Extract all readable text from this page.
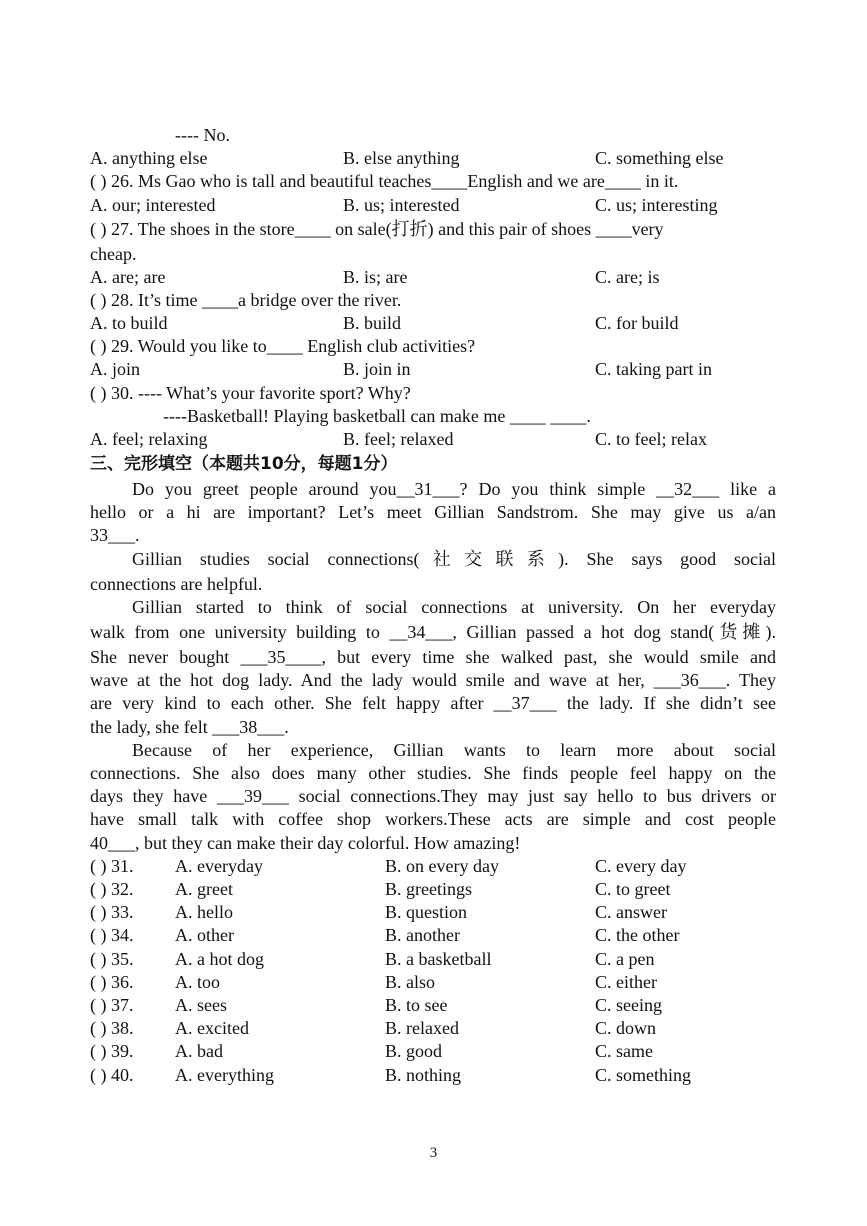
---- No.
A. anything else	B. else anything	C. something else
( ) 26. Ms Gao who is tall and beautiful teaches____English and we are____ in it.
A. our; interested	B. us; interested	C. us; interesting
( ) 27. The shoes in the store____ on sale(打折) and this pair of shoes ____very
cheap.
A. are; are	B. is; are	C. are; is
( ) 28. It’s time ____a bridge over the river.
A. to build	B. build	C. for build
( ) 29. Would you like to____ English club activities?
A. join	B. join in	C. taking part in
( ) 30. ---- What’s your favorite sport? Why?
----Basketball! Playing basketball can make me ____ ____.
A. feel; relaxing	B. feel; relaxed	C. to feel; relax
三、完形填空（本题共10分，每题1分）
Do you greet people around you__31___? Do you think simple __32___ like a
hello or a hi are important? Let’s meet Gillian Sandstrom. She may give us a/an
33___.
Gillian studies social connections(社交联系). She says good social
connections are helpful.
Gillian started to think of social connections at university. On her everyday
walk from one university building to __34___, Gillian passed a hot dog stand(货摊).
She never bought ___35____, but every time she walked past, she would smile and
wave at the hot dog lady. And the lady would smile and wave at her, ___36___. They
are very kind to each other. She felt happy after __37___ the lady. If she didn’t see
the lady, she felt ___38___.
Because of her experience, Gillian wants to learn more about social
connections. She also does many other studies. She finds people feel happy on the
days they have ___39___ social connections.They may just say hello to bus drivers or
have small talk with coffee shop workers.These acts are simple and cost people
40___, but they can make their day colorful. How amazing!
( ) 31. A. everyday	B. on every day	C. every day
( ) 32. A. greet	B. greetings	C. to greet
( ) 33. A. hello	B. question	C. answer
( ) 34. A. other	B. another	C. the other
( ) 35. A. a hot dog	B. a basketball	C. a pen
( ) 36. A. too	B. also	C. either
( ) 37. A. sees	B. to see	C. seeing
( ) 38. A. excited	B. relaxed	C. down
( ) 39. A. bad	B. good	C. same
( ) 40. A. everything	B. nothing	C. something
3
